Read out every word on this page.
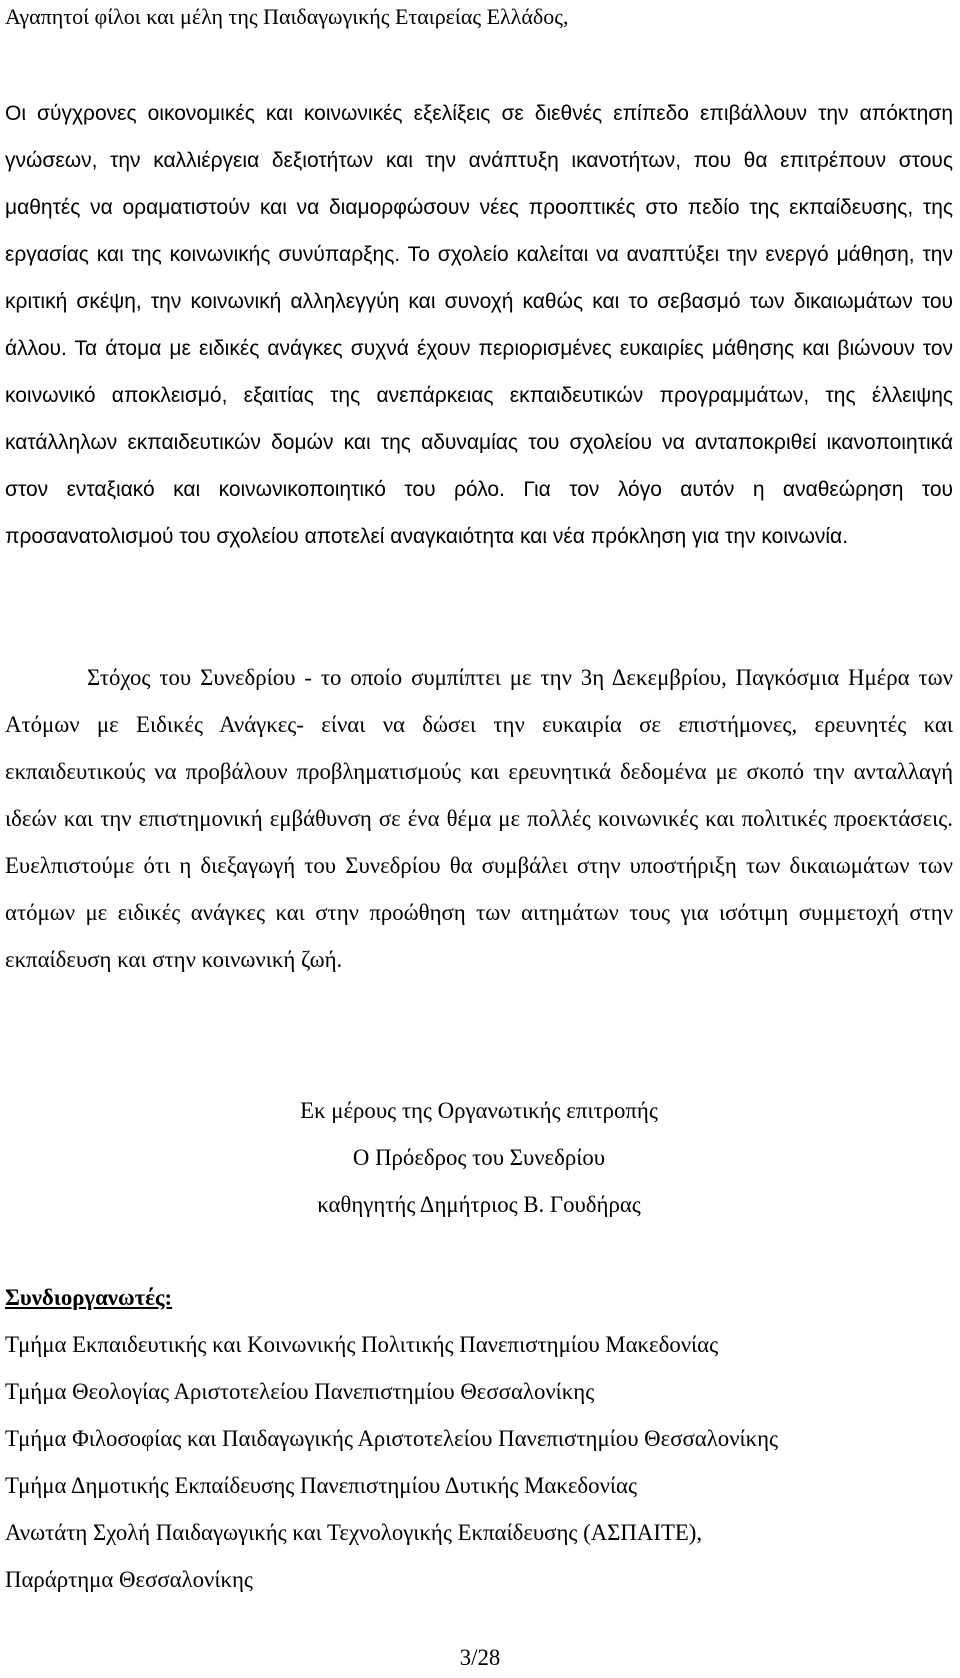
Αγαπητοί φίλοι και μέλη της Παιδαγωγικής Εταιρείας Ελλάδος,

Οι σύγχρονες οικονομικές και κοινωνικές εξελίξεις σε διεθνές επίπεδο επιβάλλουν την απόκτηση γνώσεων, την καλλιέργεια δεξιοτήτων και την ανάπτυξη ικανοτήτων, που θα επιτρέπουν στους μαθητές να οραματιστούν και να διαμορφώσουν νέες προοπτικές στο πεδίο της εκπαίδευσης, της εργασίας και της κοινωνικής συνύπαρξης. Το σχολείο καλείται να αναπτύξει την ενεργό μάθηση, την κριτική σκέψη, την κοινωνική αλληλεγγύη και συνοχή καθώς και το σεβασμό των δικαιωμάτων του άλλου. Τα άτομα με ειδικές ανάγκες συχνά έχουν περιορισμένες ευκαιρίες μάθησης και βιώνουν τον κοινωνικό αποκλεισμό, εξαιτίας της ανεπάρκειας εκπαιδευτικών προγραμμάτων, της έλλειψης κατάλληλων εκπαιδευτικών δομών και της αδυναμίας του σχολείου να ανταποκριθεί ικανοποιητικά στον ενταξιακό και κοινωνικοποιητικό του ρόλο. Για τον λόγο αυτόν η αναθεώρηση του προσανατολισμού του σχολείου αποτελεί αναγκαιότητα και νέα πρόκληση για την κοινωνία.

Στόχος του Συνεδρίου - το οποίο συμπίπτει με την 3η Δεκεμβρίου, Παγκόσμια Ημέρα των Ατόμων με Ειδικές Ανάγκες- είναι να δώσει την ευκαιρία σε επιστήμονες, ερευνητές και εκπαιδευτικούς να προβάλουν προβληματισμούς και ερευνητικά δεδομένα με σκοπό την ανταλλαγή ιδεών και την επιστημονική εμβάθυνση σε ένα θέμα με πολλές κοινωνικές και πολιτικές προεκτάσεις. Ευελπιστούμε ότι η διεξαγωγή του Συνεδρίου θα συμβάλει στην υποστήριξη των δικαιωμάτων των ατόμων με ειδικές ανάγκες και στην προώθηση των αιτημάτων τους για ισότιμη συμμετοχή στην εκπαίδευση και στην κοινωνική ζωή.

Εκ μέρους της Οργανωτικής επιτροπής
Ο Πρόεδρος του Συνεδρίου
καθηγητής Δημήτριος Β. Γουδήρας
Συνδιοργανωτές:
Τμήμα Εκπαιδευτικής και Κοινωνικής Πολιτικής Πανεπιστημίου Μακεδονίας
Τμήμα Θεολογίας Αριστοτελείου Πανεπιστημίου Θεσσαλονίκης
Τμήμα Φιλοσοφίας και Παιδαγωγικής Αριστοτελείου Πανεπιστημίου Θεσσαλονίκης
Τμήμα Δημοτικής Εκπαίδευσης Πανεπιστημίου Δυτικής Μακεδονίας
Ανωτάτη Σχολή Παιδαγωγικής και Τεχνολογικής Εκπαίδευσης (ΑΣΠΑΙΤΕ),
Παράρτημα Θεσσαλονίκης
3/28
